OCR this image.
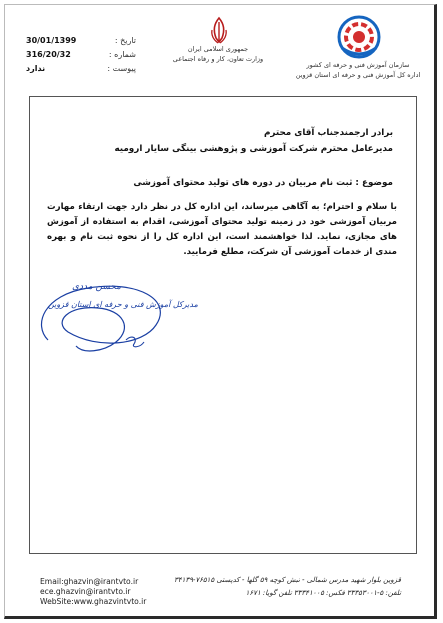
30/01/1399	: تاریخ
316/20/32	: شماره
ندارد	: پیوست
جمهوری اسلامی ایران
وزارت تعاون، کار و رفاه اجتماعی
سازمان آموزش فنی و حرفه ای کشور
اداره کل آموزش فنی و حرفه ای استان قزوین
برادر ارجمندجناب آقای محترم
مدیرعامل محترم شرکت آموزشی و پژوهشی بینگی سایار ارومیه
موضوع : ثبت نام مربیان در دوره های تولید محتوای آموزشی
با سلام و احترام؛ به آگاهی میرساند، این اداره کل در نظر دارد جهت ارتقاء مهارت مربیان آموزشی خود در زمینه تولید محتوای آموزشی، اقدام به استفاده از آموزش های مجازی، نماید. لذا خواهشمند است، این اداره کل را از نحوه ثبت نام و بهره مندی از خدمات آموزشی آن شرکت، مطلع فرمایید.
محسن مددی
مدیرکل آموزش فنی و حرفه ای استان قزوین
Email:ghazvin@irantvto.ir
ece.ghazvin@irantvto.ir
WebSite:www.ghazvintvto.ir
قزوین بلوار شهید مدرس شمالی - نبش کوچه ۵۹ گلها - کدپستی ۷۶۵۱۵-۳۴۱۳۹
تلفن: ۵-۳۳۳۵۳۰۰۱ فکس: ۳۳۳۴۱۰۰۵ تلفن گویا: ۱۶۷۱
